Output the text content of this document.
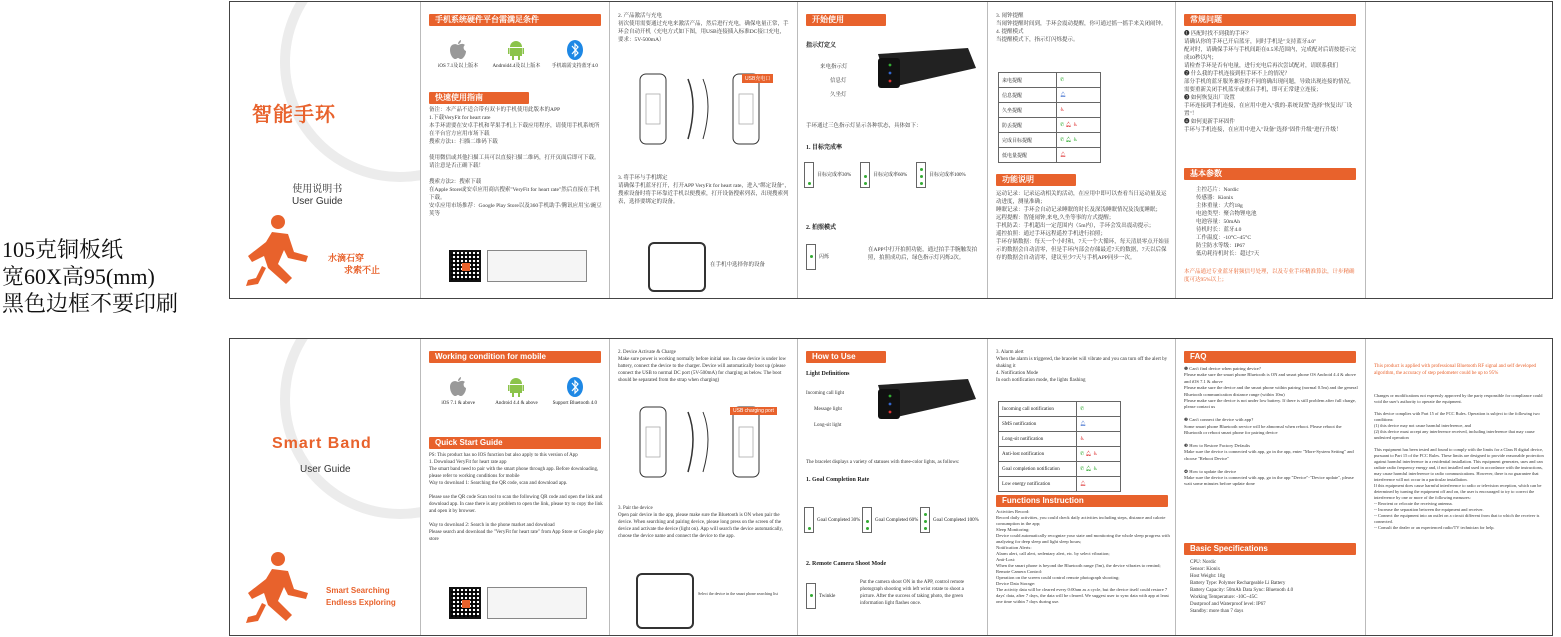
105克铜板纸
宽60X高95(mm)
黑色边框不要印刷
智能手环
使用说明书
User Guide
水滴石穿
求索不止
手机系统硬件平台需满足条件
iOS 7.1及以上版本	Android4.4及以上版本 手机端需支持蓝牙4.0
快速使用指南
备注：本产品不适合带有双卡的手机使用此版本的APP
1.下载VeryFit for heart rate
本手环需要在安卓手机和苹果手机上下载应用程序，请使用手机系统所在平台官方应用市场下载
搜索方法1：扫描二维码下载

使用微信或其他扫描工具可以直接扫描二维码，打开页面后即可下载。请注意是否正确下载！

搜索方法2：搜索下载
在Apple Store或安卓应用商店搜索"VeryFit for heart rate"然后直接在手机下载。
安卓应用市场推荐：Google Play Store以及360手机助手/腾讯应用宝/豌豆荚等
2. 产品激活与充电
初次使用需要通过充电来激活产品，然后进行充电，确保电量正常，手环会自动开机（充电方式如下图，用USB连接插入标准DC接口充电，要求：5V-500mA）
USB充电口
3. 将手环与手机绑定
请确保手机蓝牙打开，打开APP VeryFit for heart rate，进入"绑定设备"，搜索设备时将手环靠近手机以便搜索，打开设备搜索列表，出现搜索列表，选择要绑定的设备。
在手机中选择你的设备
开始使用
指示灯定义
来电指示灯
信息灯
久坐灯
手环通过三色指示灯显示各种状态，具体如下：
1. 目标完成率
目标完成率30%	目标完成率60%	目标完成率100%
2. 拍照模式
闪烁
在APP中打开拍照功能，通过拍手手腕触发拍照，拍照成功后，绿色指示灯闪烁2次。
3. 闹钟提醒
当闹钟提醒时间到，手环会震动提醒，你可通过摇一摇手来关闭闹钟。
4. 提醒模式
当提醒模式下，指示灯闪烁提示。
来电提醒	✆
信息提醒	🔔︎
久坐提醒	♿︎
防丢提醒	✆ 🔔︎ ♿︎
完成目标提醒	✆ 🔔︎ ♿︎
低电量提醒	🔔︎
功能说明
运动记录：记录运动相关的活动，在应用中即可以查看当日运动量及运动进度，测量准确；
睡眠记录：手环会自动记录睡眠的时长及深浅睡眠情况及浅度睡眠；
远程提醒：智能闹钟,来电,久坐等事的方式提醒；
手机防丢：手机超出一定范围内（5m内），手环会发出震动提示；
遥控拍照：通过手环远程遥控手机进行拍照；
手环存储数据：每天一个小时和，7天一个大循环，每天清晨零点开始显示的数据会自动清零，但是手环内部会存储最近7天的数据，7天以后保存的数据会自动清零，建议至少7天与手机APP同步一次。
常规问题
❶ 匹配时找不到我的手环？
请确认你的手环已开启蓝牙，同时手机是"支持蓝牙4.0"
配对时，请确保手环与手机间距在0.5米范围内，完成配对后请按提示完成10秒以内；
请检查手环是否有电量，进行充电后再次尝试配对，请联系我们
❷ 什么我的手机连接到但手环不上的情况？
部分手机的蓝牙服务兼容的不同的确出现问题，导致出现连接的情况，
需要重新关闭手机蓝牙或重启手机，即可正常建立连接；
❸ 如何恢复出厂设置
手环连接到手机连接，在应用中进入"我的-系统设置"选择"恢复出厂设置"！
❹ 如何更新手环固件
手环与手机连接，在应用中进入"设备"选择"固件升级"进行升级！
基本参数
主控芯片：Nordic
传感器：Kionix
主体重量：大约18g
电池类型：聚合物锂电池
电池容量：50mAh
待机时长：蓝牙4.0
工作温度：-10°C~45°C
防尘防水等级：IP67
低功耗待机时长：超过7天
本产品通过专业蓝牙射频信号处理，以及专业手环精准算法，计步精确度可达95%以上；
Smart Band
User Guide
Smart Searching
Endless Exploring
Working condition for mobile
iOS 7.1 & above	Android 4.4 & above	Support Bluetooth 4.0
Quick Start Guide
PS: This product has no IOS function but also apply to this version of App
1. Download VeryFit for heart rate app
The smart band need to pair with the smart phone through app. Before downloading, please refer to working conditions for mobile
Way to download 1: Searching the QR code, scan and download app.

Please use the QR code Scan tool to scan the following QR code and open the link and download app. In case there is any problem to open the link, please try to copy the link and open it by browser.

Way to download 2: Search in the phone market and download
Please search and download the "VeryFit for heart rate" from App Store or Google play store
2. Device Activate & Charge
Make sure power is working normally before initial use. In case device is under low battery, connect the device to the charger. Device will automatically boot up (please connect the USB to normal DC port (5V-500mA) for charging as below. The boot should be separated from the strap when charging)
USB charging port
3. Pair the device
Open pair device in the app, please make sure the Bluetooth is ON when pair the device. When searching and pairing device, please long press on the screen of the device and activate the device (light on). App will search the device automatically, choose the device name and connect the device to the app.
Select the device in the smart phone searching list
How to Use
Light Definitions
Incoming call light
Message light
Long-sit light
The bracelet displays a variety of statuses with three-color lights, as follows:
1. Goal Completion Rate
Goal Completed 30%	Goal Completed 60%	Goal Completed 100%
2. Remote Camera Shoot Mode
Twinkle
Put the camera shoot ON in the APP, control remote photograph shooting with left wrist rotate to shoot a picture. After the success of taking photo, the green information light flashes once.
3. Alarm alert
When the alarm is triggered, the bracelet will vibrate and you can turn off the alert by shaking it
4. Notification Mode
In each notification mode, the lights flashing
Incoming call notification	✆
SMS notification	🔔︎
Long-sit notification	♿︎
Anti-lost notification	✆ 🔔︎ ♿︎
Goal completion notification	✆ 🔔︎ ♿︎
Low energy notification	🔔︎
Functions Instruction
Activities Record:
Record daily activities, you could check daily activities including steps, distance and calorie consumption in the app;
Sleep Monitoring:
Device could automatically recognize your state and monitoring the whole sleep progress with analyzing for deep sleep and light sleep hours;
Notification Alerts:
Alarm alert, call alert, sedentary alert, etc. by select vibration;
Anti-Lost:
When the smart phone is beyond the Bluetooth range (5m), the device vibrates to remind;
Remote Camera Control:
Operation on the screen could control remote photograph shooting;
Device Data Storage:
The activity data will be cleared every 0:00am as a cycle, but the device itself could restore 7 days' data, after 7 days, the data will be cleared. We suggest user to sync data with app at least one time within 7 days during use.
FAQ
❶ Can't find device when pairing device?
Please make sure the smart phone Bluetooth is ON and smart phone OS Android 4.4 & above and iOS 7.1 & above
Please make sure the device and the smart phone within pairing (normal 0.5m) and the general Bluetooth communication distance range (within 10m)
Please make sure the device is not under low battery. If there is still problem after full charge, please contact us

❷ Can't connect the device with app?
Some smart phone Bluetooth service will be abnormal when reboot. Please reboot the Bluetooth or reboot smart phone for pairing device

❸ How to Restore Factory Defaults
Make sure the device is connected with app, go in the app, enter "More-System Setting" and choose "Reboot Device"

❹ How to update the device
Make sure the device is connected with app, go in the app "Device"-"Device update", please wait some minutes before update done
Basic Specifications
CPU: Nordic
Sensor: Kionix
Host Weight: 18g
Battery Type: Polymer Rechargeable Li Battery
Battery Capacity: 50mAh Data Sync: Bluetooth 4.0
Working Temperature: -10C~45C
Dustproof and Waterproof level: IP67
Standby: more than 7 days
This product is applied with professional Bluetooth RF signal and self developed algorithm, the accuracy of step pedometer could be up to 95%
Changes or modifications not expressly approved by the party responsible for compliance could void the user's authority to operate the equipment.

This device complies with Part 15 of the FCC Rules. Operation is subject to the following two conditions:
(1) this device may not cause harmful interference, and
(2) this device must accept any interference received, including interference that may cause undesired operation

This equipment has been tested and found to comply with the limits for a Class B digital device, pursuant to Part 15 of the FCC Rules. These limits are designed to provide reasonable protection against harmful interference in a residential installation. This equipment generates, uses and can radiate radio frequency energy and, if not installed and used in accordance with the instructions, may cause harmful interference to radio communications. However, there is no guarantee that interference will not occur in a particular installation.
If this equipment does cause harmful interference to radio or television reception, which can be determined by turning the equipment off and on, the user is encouraged to try to correct the interference by one or more of the following measures:
-- Reorient or relocate the receiving antenna.
-- Increase the separation between the equipment and receiver.
-- Connect the equipment into an outlet on a circuit different from that to which the receiver is connected.
-- Consult the dealer or an experienced radio/TV technician for help.
